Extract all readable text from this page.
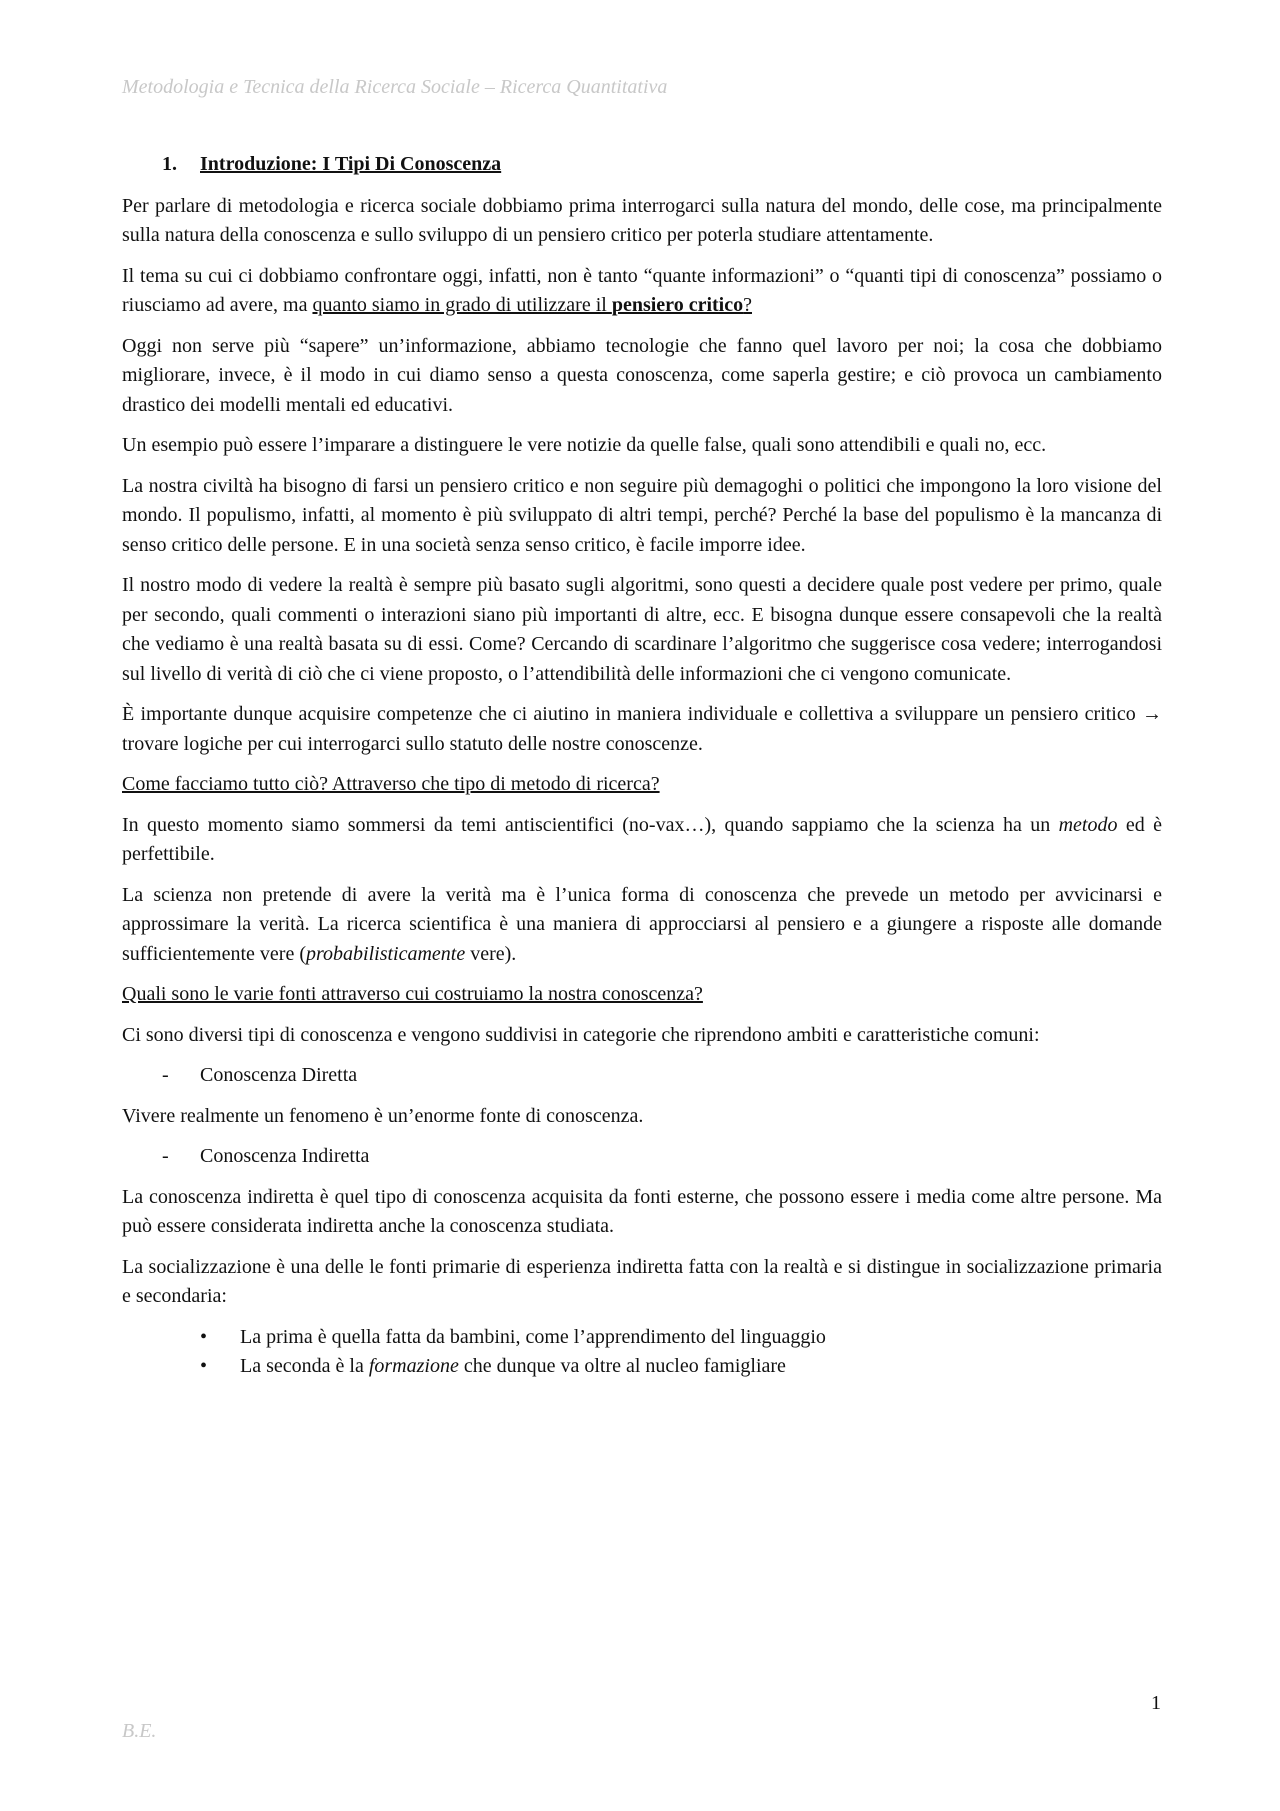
Metodologia e Tecnica della Ricerca Sociale – Ricerca Quantitativa
1. Introduzione: I Tipi Di Conoscenza

Per parlare di metodologia e ricerca sociale dobbiamo prima interrogarci sulla natura del mondo, delle cose, ma principalmente sulla natura della conoscenza e sullo sviluppo di un pensiero critico per poterla studiare attentamente.

Il tema su cui ci dobbiamo confrontare oggi, infatti, non è tanto “quante informazioni” o “quanti tipi di conoscenza” possiamo o riusciamo ad avere, ma quanto siamo in grado di utilizzare il pensiero critico?

Oggi non serve più “sapere” un’informazione, abbiamo tecnologie che fanno quel lavoro per noi; la cosa che dobbiamo migliorare, invece, è il modo in cui diamo senso a questa conoscenza, come saperla gestire; e ciò provoca un cambiamento drastico dei modelli mentali ed educativi.

Un esempio può essere l’imparare a distinguere le vere notizie da quelle false, quali sono attendibili e quali no, ecc.

La nostra civiltà ha bisogno di farsi un pensiero critico e non seguire più demagoghi o politici che impongono la loro visione del mondo. Il populismo, infatti, al momento è più sviluppato di altri tempi, perché? Perché la base del populismo è la mancanza di senso critico delle persone. E in una società senza senso critico, è facile imporre idee.

Il nostro modo di vedere la realtà è sempre più basato sugli algoritmi, sono questi a decidere quale post vedere per primo, quale per secondo, quali commenti o interazioni siano più importanti di altre, ecc. E bisogna dunque essere consapevoli che la realtà che vediamo è una realtà basata su di essi. Come? Cercando di scardinare l’algoritmo che suggerisce cosa vedere; interrogandosi sul livello di verità di ciò che ci viene proposto, o l’attendibilità delle informazioni che ci vengono comunicate.

È importante dunque acquisire competenze che ci aiutino in maniera individuale e collettiva a sviluppare un pensiero critico → trovare logiche per cui interrogarci sullo statuto delle nostre conoscenze.

Come facciamo tutto ciò? Attraverso che tipo di metodo di ricerca?

In questo momento siamo sommersi da temi antiscientifici (no-vax…), quando sappiamo che la scienza ha un metodo ed è perfettibile.

La scienza non pretende di avere la verità ma è l’unica forma di conoscenza che prevede un metodo per avvicinarsi e approssimare la verità. La ricerca scientifica è una maniera di approcciarsi al pensiero e a giungere a risposte alle domande sufficientemente vere (probabilisticamente vere).

Quali sono le varie fonti attraverso cui costruiamo la nostra conoscenza?

Ci sono diversi tipi di conoscenza e vengono suddivisi in categorie che riprendono ambiti e caratteristiche comuni:

- Conoscenza Diretta

Vivere realmente un fenomeno è un’enorme fonte di conoscenza.

- Conoscenza Indiretta

La conoscenza indiretta è quel tipo di conoscenza acquisita da fonti esterne, che possono essere i media come altre persone. Ma può essere considerata indiretta anche la conoscenza studiata.

La socializzazione è una delle le fonti primarie di esperienza indiretta fatta con la realtà e si distingue in socializzazione primaria e secondaria:

• La prima è quella fatta da bambini, come l’apprendimento del linguaggio
• La seconda è la formazione che dunque va oltre al nucleo famigliare
1
B.E.
